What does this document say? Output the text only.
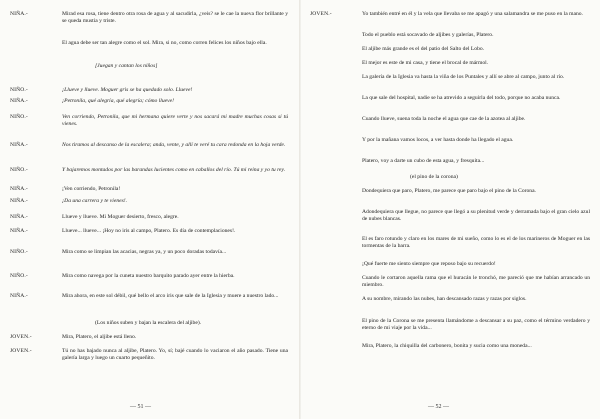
— 51 —
NIÑA.-	Mirad esa rosa, tiene dentro otra rosa de agua y al sacudirla, ¿veis? se le cae la nueva flor brillante y se queda mustia y triste.
El agua debe ser tan alegre como el sol. Mira, si no, como corren felices los niños bajo ella.
[Juegan y cantan los niños]
NIÑO.-	¡Llueve y llueve. Moguer gris se ha quedado solo. Llueve!
NIÑA.-	¡Petronila, qué alegría, qué alegría; cómo llueve!
NIÑO.-	Ven corriendo, Petronila, que mi hermana quiere verte y nos sacará mi madre muchas cosas si tú vienes.
NIÑA.-	Nos tiramos al descanso de la escalera; anda, vente, y allí te veré tu cara redonda en la hoja verde.
NIÑO.-	Y bajaremos montados por las barandas lucientes como en caballos del río. Tú mi reina y yo tu rey.
NIÑA.-	¡Ven corriendo, Petronila!
NIÑA.-	¡Da una carrera y te vienes!.
NIÑA.-	Llueve y llueve. Mi Moguer desierto, fresco, alegre.
NIÑA.-	Llueve... llueve... ¡Hoy no iris al campo, Platero. Es día de contemplaciones!.
NIÑO.-	Mira como se limpian las acacias, negras ya, y un poco doradas todavía...
NIÑO.-	Mira como navega por la cuneta nuestro barquito parado ayer entre la hierba.
NIÑA.-	Mira ahora, en este sol débil, qué bello el arco iris que sale de la Iglesia y muere a nuestro lado...
(Los niños suben y bajan la escalera del aljibe).
JOVEN.-	Mira, Platero, el aljibe está lleno.
JOVEN.-	Tú no has bajado nunca al aljibe, Platero. Yo, sí; bajé cuando lo vaciaron el año pasado. Tiene una galería larga y luego un cuarto pequeñito.
— 52 —
JOVEN.-	Yo también entré en él y la vela que llevaba se me apagó y una salamandra se me puso en la mano.
Todo el pueblo está socavado de aljibes y galerías, Platero.
El aljibe más grande es el del patio del Salto del Lobo.
El mejor es este de mi casa, y tiene el brocal de mármol.
La galería de la Iglesia va hasta la viña de los Puntales y allí se abre al campo, junto al río.
La que sale del hospital, nadie se ha atrevido a seguirla del todo, porque no acaba nunca.
Cuando llueve, suena toda la noche el agua que cae de la azotea al aljibe.
Y por la mañana vamos locos, a ver hasta donde ha llegado el agua.
Platero, voy a darte un cubo de esta agua, y fresquita...
(el pino de la corona)
Dondequiera que paro, Platero, me parece que paro bajo el pino de la Corona.
Adondequiera que llegue, no parece que llegó a su plenitud verde y derramada bajo el gran cielo azul de nubes blancas.
El es faro rotundo y claro en los mares de mi sueño, como lo es el de los marineros de Moguer en las tormentas de la barra.
¡Qué fuerte me siento siempre que reposo bajo su recuerdo!
Cuando le cortaron aquella rama que el huracán le tronchó, me pareció que me habían arrancado un miembro.
A su nombre, mirando las nubes, han descansado razas y razas por siglos.
El pino de la Corona se me presenta llamándome a descansar a su paz, como el término verdadero y eterno de mi viaje por la vida...
Mira, Platero, la chiquilla del carbonero, bonita y sucia como una moneda...
